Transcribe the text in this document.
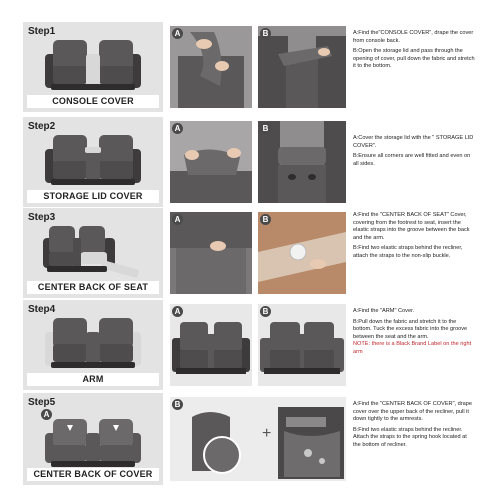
Step1
CONSOLE COVER
A	B	A:Find the"CONSOLE COVER", drape the cover from console back.

B:Open the storage lid and pass through the opening of cover, pull down the fabric and stretch it to the bottom.

Step2
STORAGE LID COVER
A	B

A:Cover the storage lid with the " STORAGE LID COVER".

B:Ensure all corners are well fitted and even on all sides.

Step3
CENTER BACK OF SEAT
A	B	A:Find the "CENTER BACK OF SEAT" Cover, covering from the footrest to seat, insert the elastic straps into the groove between the back and the arm.

B:Find two elastic straps behind the recliner, attach the straps to the non-slip buckle.

Step4
ARM
A	B	A:Find the "ARM" Cover.

B:Pull down the fabric and stretch it to the bottom. Tuck the excess fabric into the groove between the seat and the arm.

NOTE: there is a Black Brand Label on the right arm

Step5
A
CENTER BACK OF COVER
B
+

A:Find the "CENTER BACK OF COVER", drape cover over the upper back of the recliner, pull it down tightly to the armrests.

B:Find two elastic straps behind the recliner. Attach the straps to the spring hook located at the bottom of recliner.
